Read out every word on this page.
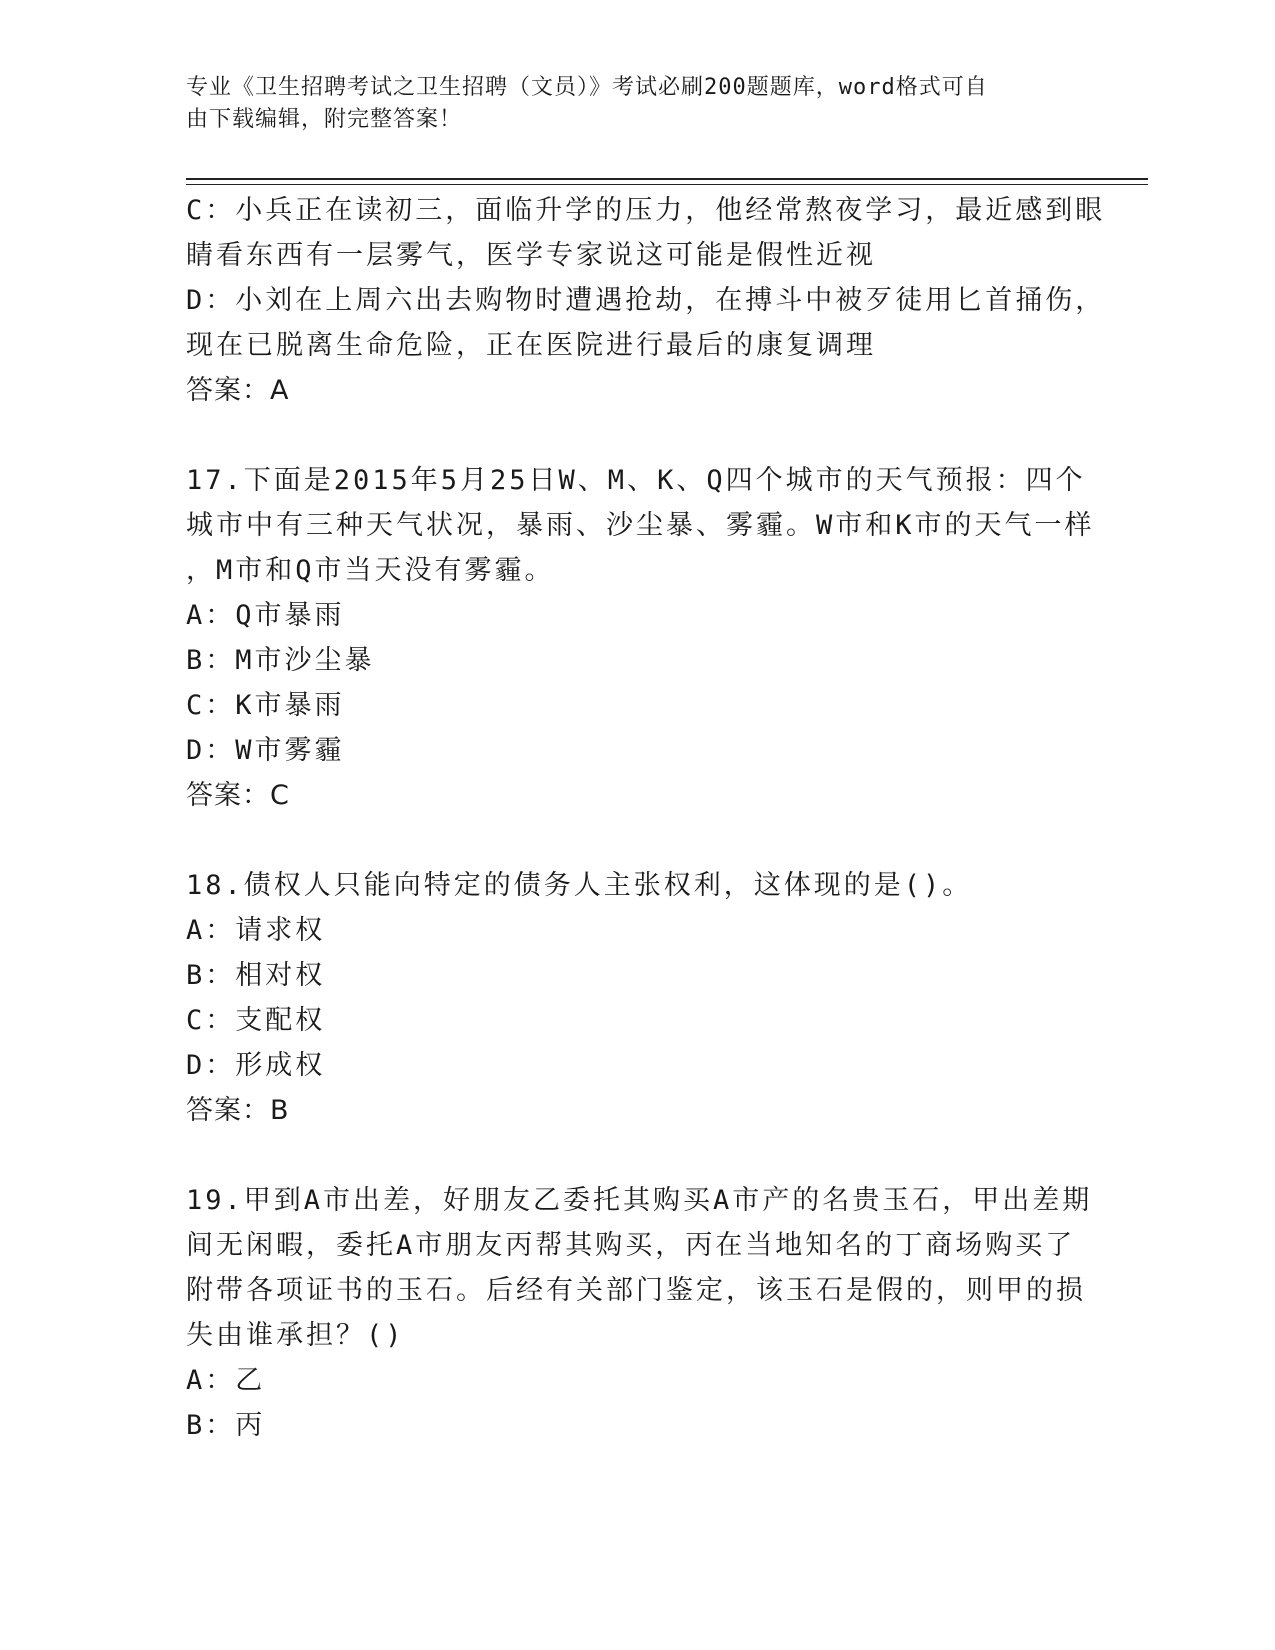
专业《卫生招聘考试之卫生招聘（文员）》考试必刷200题题库，word格式可自
由下载编辑，附完整答案！
C：小兵正在读初三，面临升学的压力，他经常熬夜学习，最近感到眼
睛看东西有一层雾气，医学专家说这可能是假性近视
D：小刘在上周六出去购物时遭遇抢劫，在搏斗中被歹徒用匕首捅伤，
现在已脱离生命危险，正在医院进行最后的康复调理
答案：A
17.下面是2015年5月25日W、M、K、Q四个城市的天气预报：四个
城市中有三种天气状况，暴雨、沙尘暴、雾霾。W市和K市的天气一样
，M市和Q市当天没有雾霾。
A：Q市暴雨
B：M市沙尘暴
C：K市暴雨
D：W市雾霾
答案：C
18.债权人只能向特定的债务人主张权利，这体现的是()。
A：请求权
B：相对权
C：支配权
D：形成权
答案：B
19.甲到A市出差，好朋友乙委托其购买A市产的名贵玉石，甲出差期
间无闲暇，委托A市朋友丙帮其购买，丙在当地知名的丁商场购买了
附带各项证书的玉石。后经有关部门鉴定，该玉石是假的，则甲的损
失由谁承担？()
A：乙
B：丙
